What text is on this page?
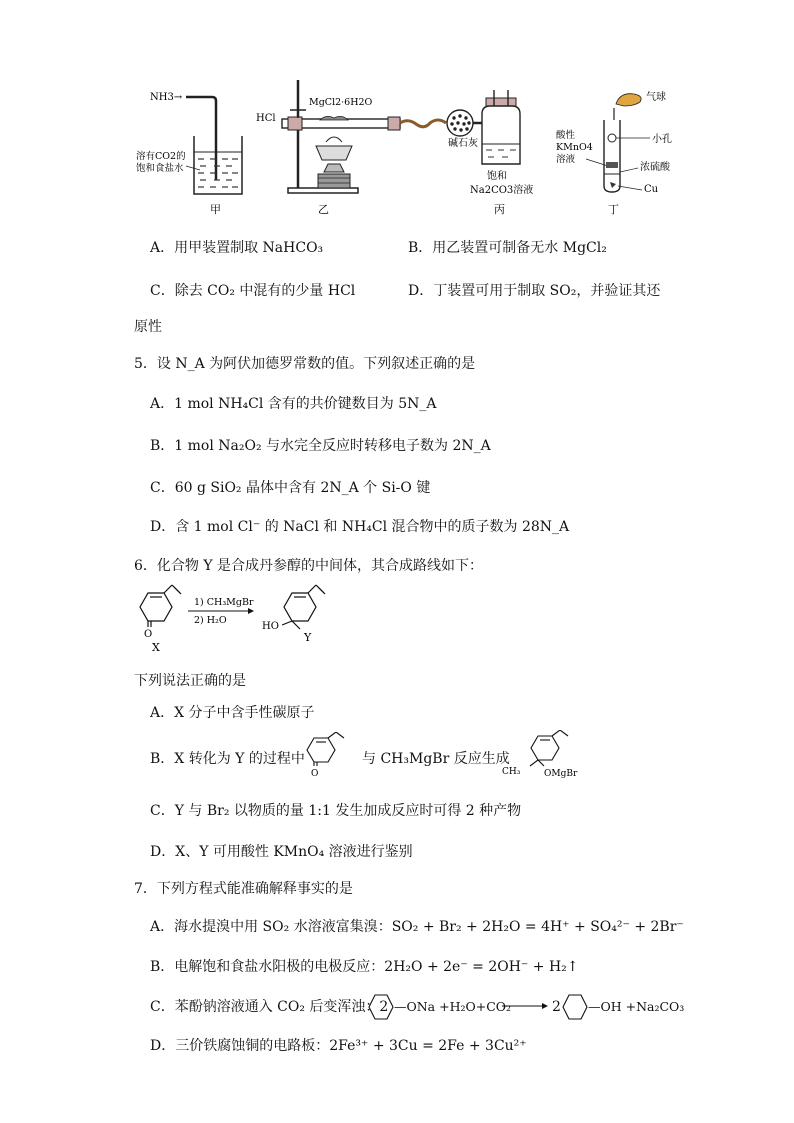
NH3→
溶有CO2的
饱和食盐水
甲
HCl
MgCl2·6H2O
碱石灰
乙
饱和
Na2CO3溶液
丙
气球
小孔
酸性
KMnO4
溶液
浓硫酸
Cu
丁
A．用甲装置制取 NaHCO₃	B．用乙装置可制备无水 MgCl₂
C．除去 CO₂ 中混有的少量 HCl	D．丁装置可用于制取 SO₂，并验证其还
原性
5．设 N_A 为阿伏加德罗常数的值。下列叙述正确的是
A．1 mol NH₄Cl 含有的共价键数目为 5N_A
B．1 mol Na₂O₂ 与水完全反应时转移电子数为 2N_A
C．60 g SiO₂ 晶体中含有 2N_A 个 Si-O 键
D．含 1 mol Cl⁻ 的 NaCl 和 NH₄Cl 混合物中的质子数为 28N_A
6．化合物 Y 是合成丹参醇的中间体，其合成路线如下：
O
X
1) CH₃MgBr
2) H₂O
HO
Y
下列说法正确的是
A．X 分子中含手性碳原子
B．X 转化为 Y 的过程中
O
与 CH₃MgBr 反应生成
CH₃	OMgBr
C．Y 与 Br₂ 以物质的量 1:1 发生加成反应时可得 2 种产物
D．X、Y 可用酸性 KMnO₄ 溶液进行鉴别
7．下列方程式能准确解释事实的是
A．海水提溴中用 SO₂ 水溶液富集溴：SO₂ + Br₂ + 2H₂O = 4H⁺ + SO₄²⁻ + 2Br⁻
B．电解饱和食盐水阳极的电极反应：2H₂O + 2e⁻ = 2OH⁻ + H₂↑
C．苯酚钠溶液通入 CO₂ 后变浑浊：2 —ONa +H₂O+CO₂ → 2 —OH +Na₂CO₃
D．三价铁腐蚀铜的电路板：2Fe³⁺ + 3Cu = 2Fe + 3Cu²⁺
